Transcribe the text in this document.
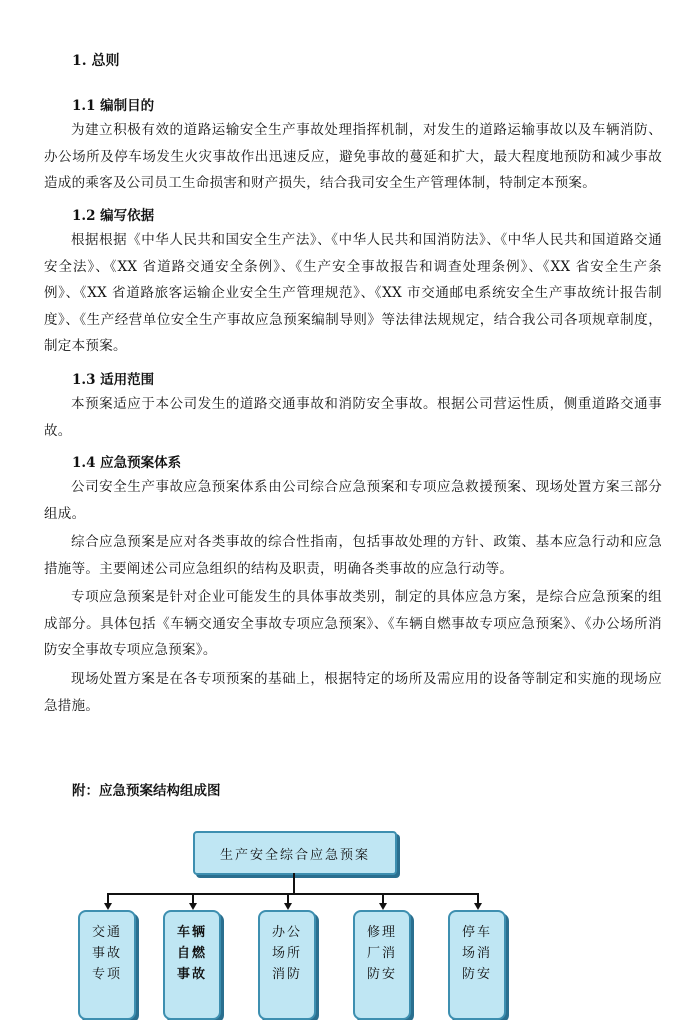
1. 总则
1.1 编制目的
为建立积极有效的道路运输安全生产事故处理指挥机制，对发生的道路运输事故以及车辆消防、办公场所及停车场发生火灾事故作出迅速反应，避免事故的蔓延和扩大，最大程度地预防和减少事故造成的乘客及公司员工生命损害和财产损失，结合我司安全生产管理体制，特制定本预案。
1.2 编写依据
根据根据《中华人民共和国安全生产法》、《中华人民共和国消防法》、《中华人民共和国道路交通安全法》、《XX 省道路交通安全条例》、《生产安全事故报告和调查处理条例》、《XX 省安全生产条例》、《XX 省道路旅客运输企业安全生产管理规范》、《XX 市交通邮电系统安全生产事故统计报告制度》、《生产经营单位安全生产事故应急预案编制导则》等法律法规规定，结合我公司各项规章制度，制定本预案。
1.3 适用范围
本预案适应于本公司发生的道路交通事故和消防安全事故。根据公司营运性质，侧重道路交通事故。
1.4 应急预案体系
公司安全生产事故应急预案体系由公司综合应急预案和专项应急救援预案、现场处置方案三部分组成。
综合应急预案是应对各类事故的综合性指南，包括事故处理的方针、政策、基本应急行动和应急措施等。主要阐述公司应急组织的结构及职责，明确各类事故的应急行动等。
专项应急预案是针对企业可能发生的具体事故类别，制定的具体应急方案，是综合应急预案的组成部分。具体包括《车辆交通安全事故专项应急预案》、《车辆自燃事故专项应急预案》、《办公场所消防安全事故专项应急预案》。
现场处置方案是在各专项预案的基础上，根据特定的场所及需应用的设备等制定和实施的现场应急措施。
附：应急预案结构组成图
生产安全综合应急预案
交通
事故
专项
车辆
自燃
事故
办公
场所
消防
修理
厂消
防安
停车
场消
防安
